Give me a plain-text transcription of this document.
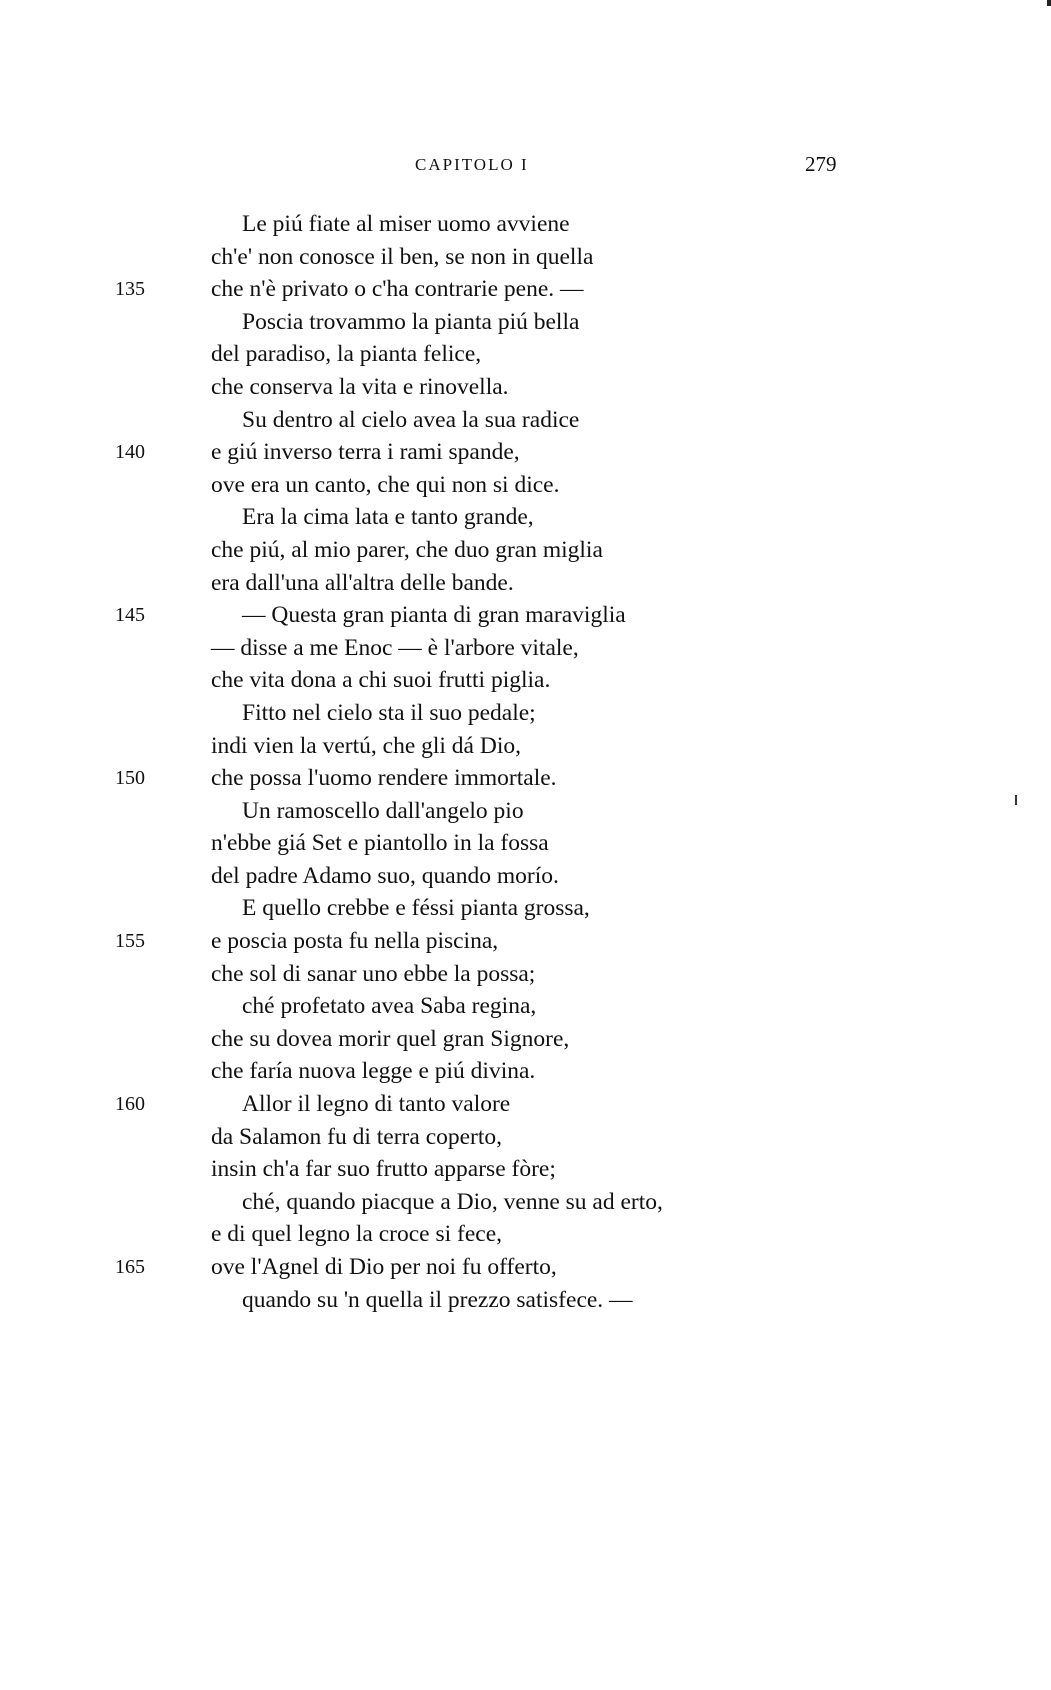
CAPITOLO I	279
Le piú fiate al miser uomo avviene
ch'e' non conosce il ben, se non in quella
135	che n'è privato o c'ha contrarie pene. —
Poscia trovammo la pianta piú bella
del paradiso, la pianta felice,
che conserva la vita e rinovella.
Su dentro al cielo avea la sua radice
140	e giú inverso terra i rami spande,
ove era un canto, che qui non si dice.
Era la cima lata e tanto grande,
che piú, al mio parer, che duo gran miglia
era dall'una all'altra delle bande.
145	— Questa gran pianta di gran maraviglia
— disse a me Enoc — è l'arbore vitale,
che vita dona a chi suoi frutti piglia.
Fitto nel cielo sta il suo pedale;
indi vien la vertú, che gli dá Dio,
150	che possa l'uomo rendere immortale.
Un ramoscello dall'angelo pio
n'ebbe giá Set e piantollo in la fossa
del padre Adamo suo, quando morío.
E quello crebbe e féssi pianta grossa,
155	e poscia posta fu nella piscina,
che sol di sanar uno ebbe la possa;
ché profetato avea Saba regina,
che su dovea morir quel gran Signore,
che faría nuova legge e piú divina.
160	Allor il legno di tanto valore
da Salamon fu di terra coperto,
insin ch'a far suo frutto apparse fòre;
ché, quando piacque a Dio, venne su ad erto,
e di quel legno la croce si fece,
165	ove l'Agnel di Dio per noi fu offerto,
quando su 'n quella il prezzo satisfece. —
